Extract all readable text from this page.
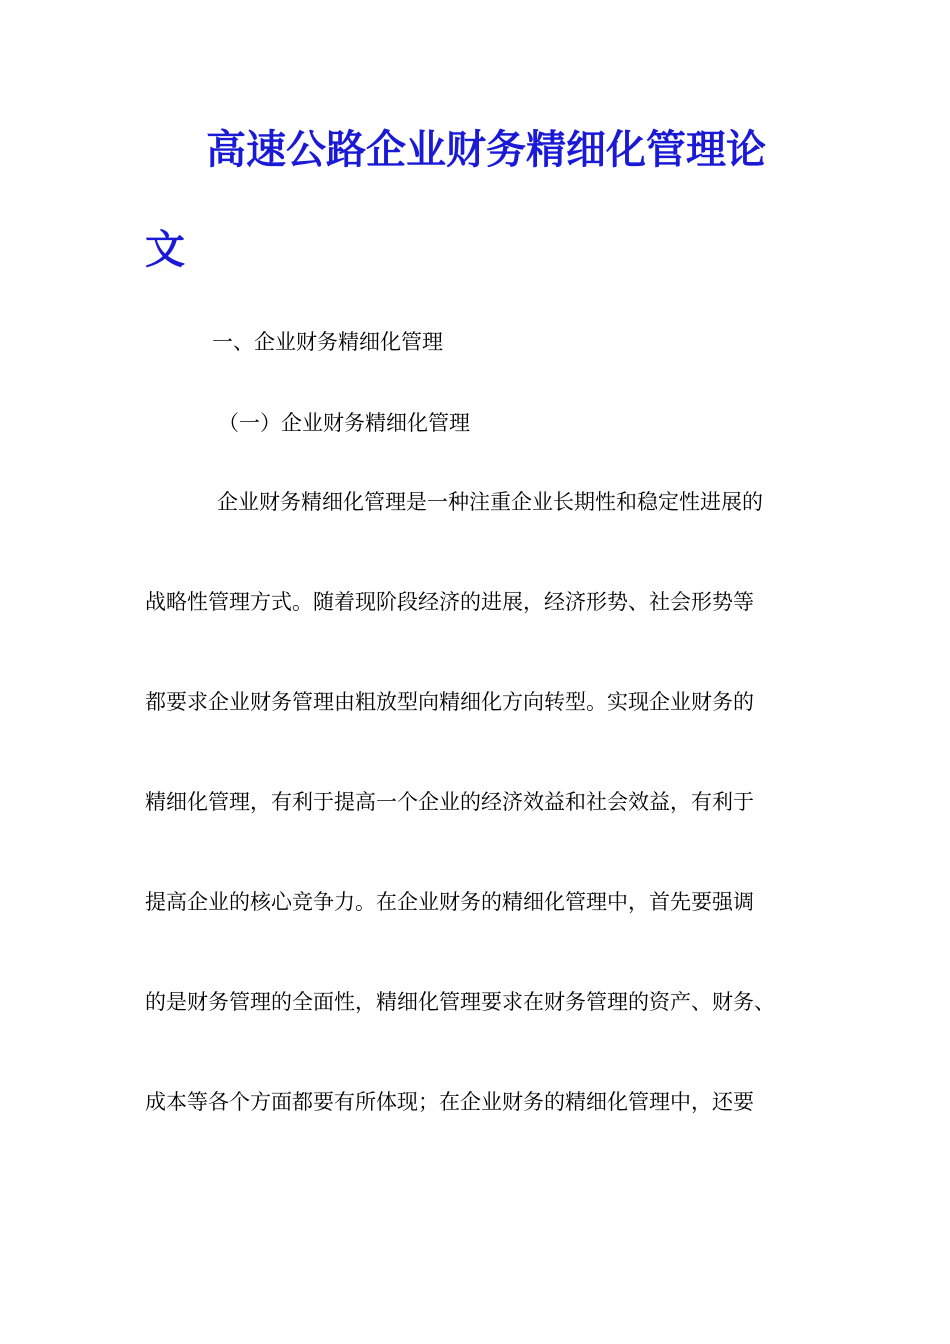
高速公路企业财务精细化管理论
文
一、企业财务精细化管理
（一）企业财务精细化管理
企业财务精细化管理是一种注重企业长期性和稳定性进展的
战略性管理方式。随着现阶段经济的进展，经济形势、社会形势等
都要求企业财务管理由粗放型向精细化方向转型。实现企业财务的
精细化管理，有利于提高一个企业的经济效益和社会效益，有利于
提高企业的核心竞争力。在企业财务的精细化管理中，首先要强调
的是财务管理的全面性，精细化管理要求在财务管理的资产、财务、
成本等各个方面都要有所体现；在企业财务的精细化管理中，还要
